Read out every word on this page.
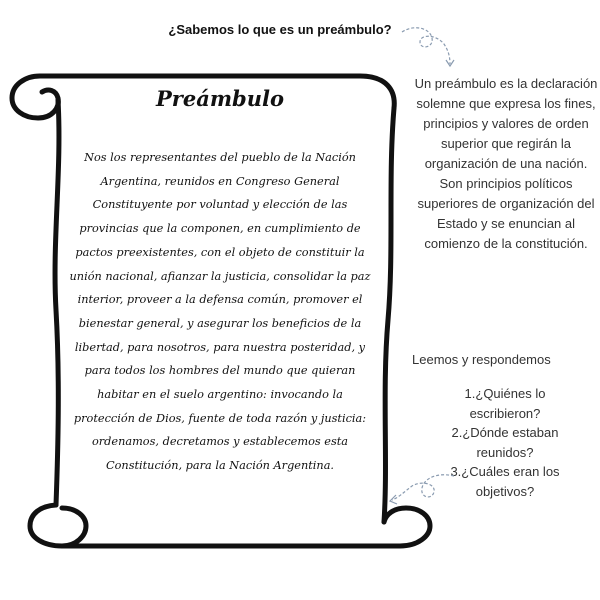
¿Sabemos lo que es un preámbulo?
Preámbulo
Nos los representantes del pueblo de la Nación Argentina, reunidos en Congreso General Constituyente por voluntad y elección de las provincias que la componen, en cumplimiento de pactos preexistentes, con el objeto de constituir la unión nacional, afianzar la justicia, consolidar la paz interior, proveer a la defensa común, promover el bienestar general, y asegurar los beneficios de la libertad, para nosotros, para nuestra posteridad, y para todos los hombres del mundo que quieran habitar en el suelo argentino: invocando la protección de Dios, fuente de toda razón y justicia: ordenamos, decretamos y establecemos esta Constitución, para la Nación Argentina.
Un preámbulo es la declaración solemne que expresa los fines, principios y valores de orden superior que regirán la organización de una nación. Son principios políticos superiores de organización del Estado y se enuncian al comienzo de la constitución.
Leemos y respondemos
1.¿Quiénes lo escribieron?
2.¿Dónde estaban reunidos?
3.¿Cuáles eran los objetivos?
